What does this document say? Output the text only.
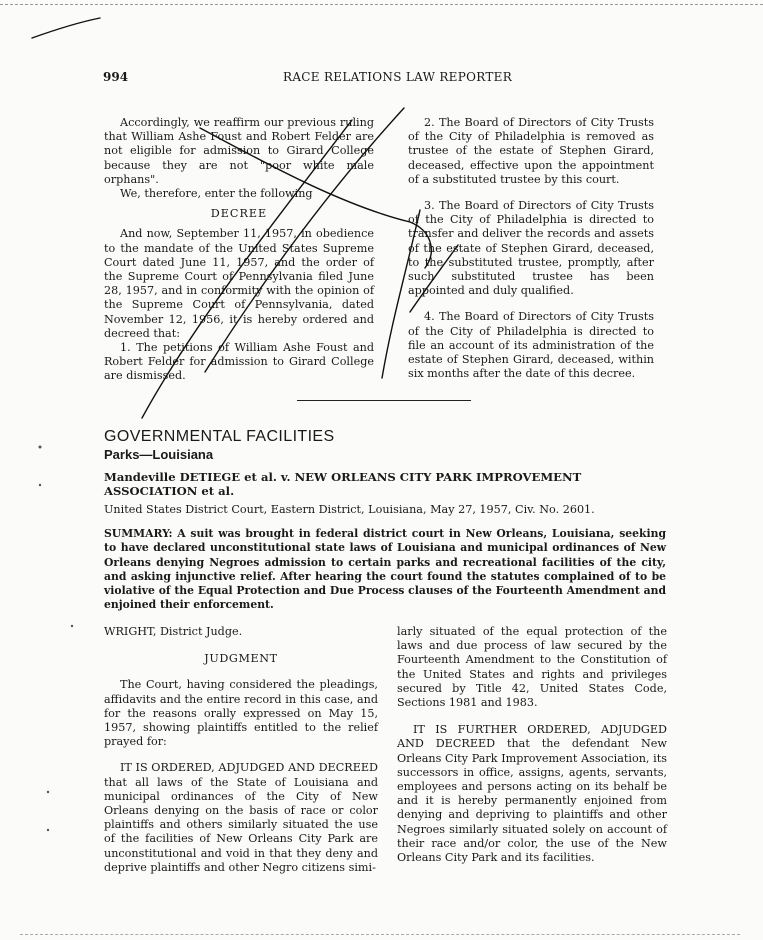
994	RACE RELATIONS LAW REPORTER

Accordingly, we reaffirm our previous ruling that William Ashe Foust and Robert Felder are not eligible for admission to Girard College because they are not "poor white male orphans".

We, therefore, enter the following

DECREE

And now, September 11, 1957, in obedience to the mandate of the United States Supreme Court dated June 11, 1957, and the order of the Supreme Court of Pennsylvania filed June 28, 1957, and in conformity with the opinion of the Supreme Court of Pennsylvania, dated November 12, 1956, it is hereby ordered and decreed that:

1. The petitions of William Ashe Foust and Robert Felder for admission to Girard College are dismissed.

2. The Board of Directors of City Trusts of the City of Philadelphia is removed as trustee of the estate of Stephen Girard, deceased, effective upon the appointment of a substituted trustee by this court.

3. The Board of Directors of City Trusts of the City of Philadelphia is directed to transfer and deliver the records and assets of the estate of Stephen Girard, deceased, to the substituted trustee, promptly, after such substituted trustee has been appointed and duly qualified.

4. The Board of Directors of City Trusts of the City of Philadelphia is directed to file an account of its administration of the estate of Stephen Girard, deceased, within six months after the date of this decree.

GOVERNMENTAL FACILITIES
Parks—Louisiana
Mandeville DETIEGE et al. v. NEW ORLEANS CITY PARK IMPROVEMENT ASSOCIATION et al.
United States District Court, Eastern District, Louisiana, May 27, 1957, Civ. No. 2601.
SUMMARY: A suit was brought in federal district court in New Orleans, Louisiana, seeking to have declared unconstitutional state laws of Louisiana and municipal ordinances of New Orleans denying Negroes admission to certain parks and recreational facilities of the city, and asking injunctive relief. After hearing the court found the statutes complained of to be violative of the Equal Protection and Due Process clauses of the Fourteenth Amendment and enjoined their enforcement.

WRIGHT, District Judge.

JUDGMENT

The Court, having considered the pleadings, affidavits and the entire record in this case, and for the reasons orally expressed on May 15, 1957, showing plaintiffs entitled to the relief prayed for:

IT IS ORDERED, ADJUDGED AND DECREED that all laws of the State of Louisiana and municipal ordinances of the City of New Orleans denying on the basis of race or color plaintiffs and others similarly situated the use of the facilities of New Orleans City Park are unconstitutional and void in that they deny and deprive plaintiffs and other Negro citizens simi-

larly situated of the equal protection of the laws and due process of law secured by the Fourteenth Amendment to the Constitution of the United States and rights and privileges secured by Title 42, United States Code, Sections 1981 and 1983.

IT IS FURTHER ORDERED, ADJUDGED AND DECREED that the defendant New Orleans City Park Improvement Association, its successors in office, assigns, agents, servants, employees and persons acting on its behalf be and it is hereby permanently enjoined from denying and depriving to plaintiffs and other Negroes similarly situated solely on account of their race and/or color, the use of the New Orleans City Park and its facilities.
